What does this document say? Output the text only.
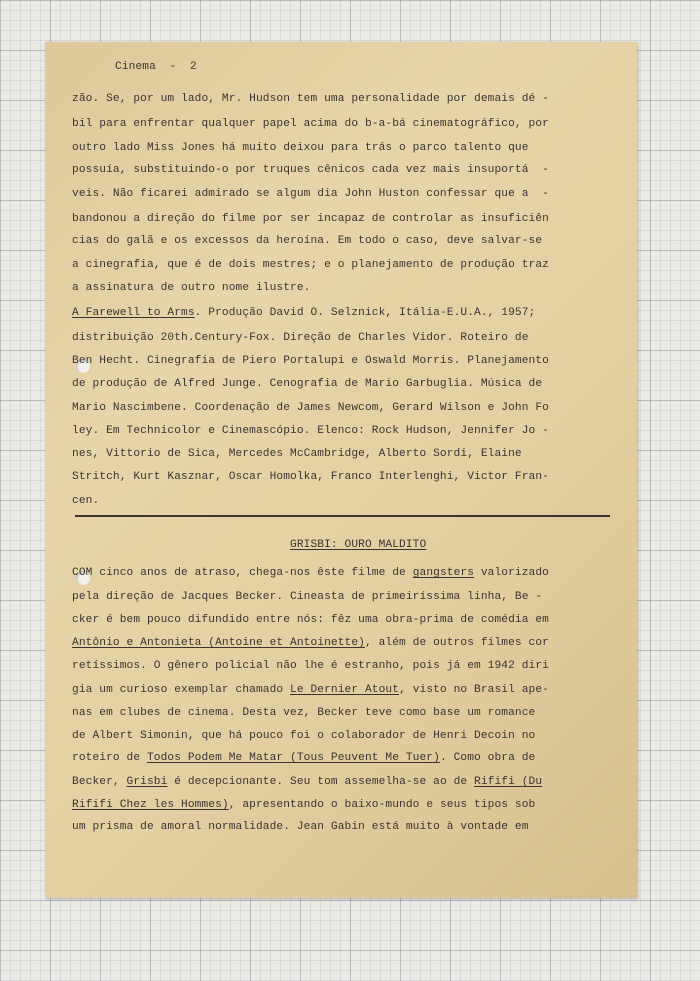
Cinema  -  2
zão. Se, por um lado, Mr. Hudson tem uma personalidade por demais dé -
bil para enfrentar qualquer papel acima do b-a-bá cinematográfico, por
outro lado Miss Jones há muito deixou para trás o parco talento que
possuía, substituindo-o por truques cênicos cada vez mais insuportá  -
veis. Não ficarei admirado se algum dia John Huston confessar que a  -
bandonou a direção do filme por ser incapaz de controlar as insuficiên
cias do galã e os excessos da heroína. Em todo o caso, deve salvar-se
a cinegrafia, que é de dois mestres; e o planejamento de produção traz
a assinatura de outro nome ilustre.
A Farewell to Arms. Produção David O. Selznick, Itália-E.U.A., 1957;
distribuição 20th.Century-Fox. Direção de Charles Vidor. Roteiro de
Ben Hecht. Cinegrafia de Piero Portalupi e Oswald Morris. Planejamento
de produção de Alfred Junge. Cenografia de Mario Garbuglia. Música de
Mario Nascimbene. Coordenação de James Newcom, Gerard Wilson e John Fo
ley. Em Technicolor e Cinemascópio. Elenco: Rock Hudson, Jennifer Jo -
nes, Vittorio de Sica, Mercedes McCambridge, Alberto Sordi, Elaine
Stritch, Kurt Kasznar, Oscar Homolka, Franco Interlenghi, Victor Fran-
cen.
GRISBI: OURO MALDITO
COM cinco anos de atraso, chega-nos êste filme de gangsters valorizado
pela direção de Jacques Becker. Cineasta de primeiríssima linha, Be -
cker é bem pouco difundido entre nós: fêz uma obra-prima de comédia em
Antônio e Antonieta (Antoine et Antoinette), além de outros filmes cor
retíssimos. O gênero policial não lhe é estranho, pois já em 1942 diri
gia um curioso exemplar chamado Le Dernier Atout, visto no Brasil ape-
nas em clubes de cinema. Desta vez, Becker teve como base um romance
de Albert Simonin, que há pouco foi o colaborador de Henri Decoin no
roteiro de Todos Podem Me Matar (Tous Peuvent Me Tuer). Como obra de
Becker, Grisbi é decepcionante. Seu tom assemelha-se ao de Rififi (Du
Rififi Chez les Hommes), apresentando o baixo-mundo e seus tipos sob
um prisma de amoral normalidade. Jean Gabin está muito à vontade em
